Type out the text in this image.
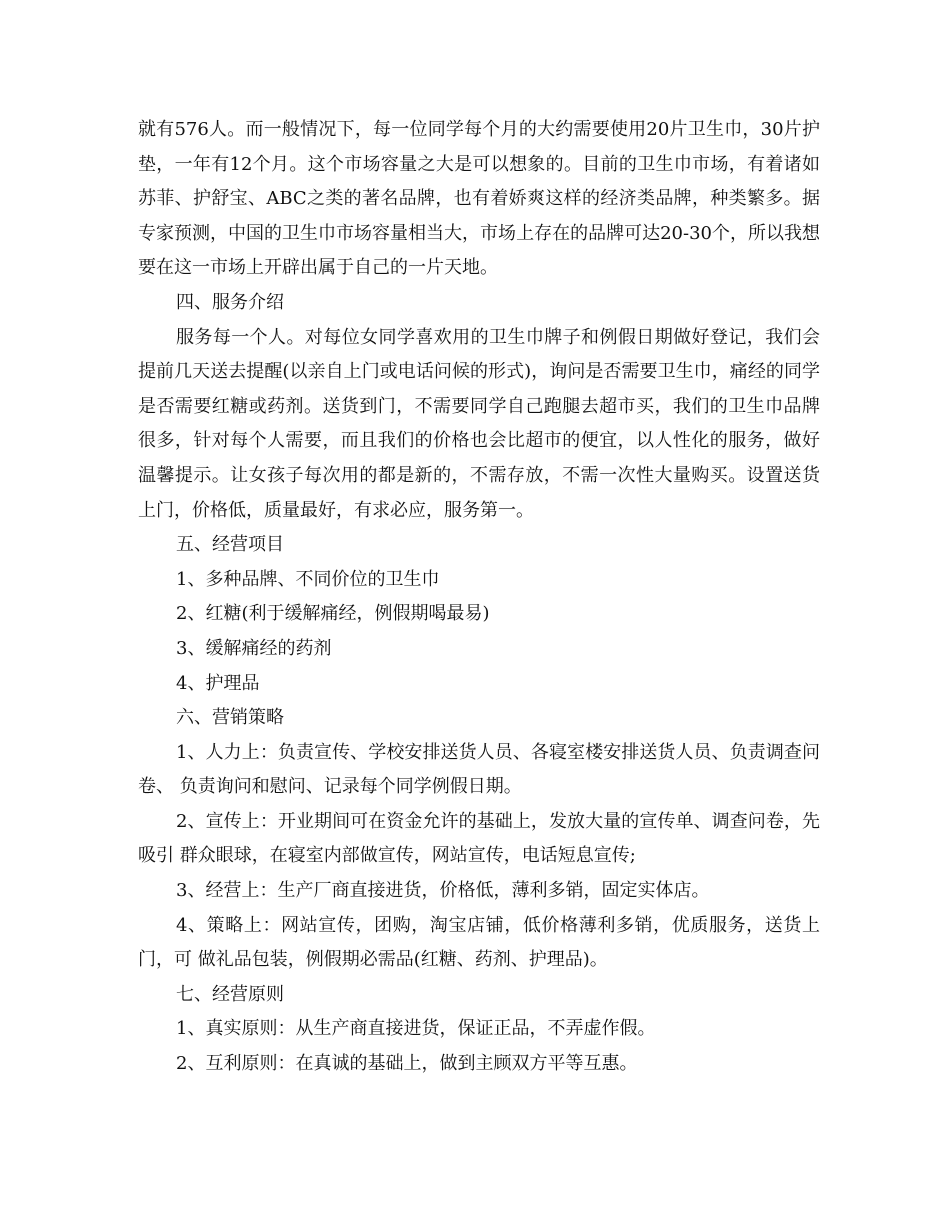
就有576人。而一般情况下，每一位同学每个月的大约需要使用20片卫生巾，30片护垫，一年有12个月。这个市场容量之大是可以想象的。目前的卫生巾市场，有着诸如苏菲、护舒宝、ABC之类的著名品牌，也有着娇爽这样的经济类品牌，种类繁多。据专家预测，中国的卫生巾市场容量相当大，市场上存在的品牌可达20-30个，所以我想要在这一市场上开辟出属于自己的一片天地。

四、服务介绍

服务每一个人。对每位女同学喜欢用的卫生巾牌子和例假日期做好登记，我们会提前几天送去提醒(以亲自上门或电话问候的形式)，询问是否需要卫生巾，痛经的同学是否需要红糖或药剂。送货到门，不需要同学自己跑腿去超市买，我们的卫生巾品牌很多，针对每个人需要，而且我们的价格也会比超市的便宜，以人性化的服务，做好温馨提示。让女孩子每次用的都是新的，不需存放，不需一次性大量购买。设置送货上门，价格低，质量最好，有求必应，服务第一。

五、经营项目

1、多种品牌、不同价位的卫生巾

2、红糖(利于缓解痛经，例假期喝最易)

3、缓解痛经的药剂

4、护理品

六、营销策略

1、人力上：负责宣传、学校安排送货人员、各寝室楼安排送货人员、负责调查问卷、 负责询问和慰问、记录每个同学例假日期。

2、宣传上：开业期间可在资金允许的基础上，发放大量的宣传单、调查问卷，先吸引 群众眼球，在寝室内部做宣传，网站宣传，电话短息宣传;

3、经营上：生产厂商直接进货，价格低，薄利多销，固定实体店。

4、策略上：网站宣传，团购，淘宝店铺，低价格薄利多销，优质服务，送货上门，可 做礼品包装，例假期必需品(红糖、药剂、护理品)。

七、经营原则

1、真实原则：从生产商直接进货，保证正品，不弄虚作假。

2、互利原则：在真诚的基础上，做到主顾双方平等互惠。
